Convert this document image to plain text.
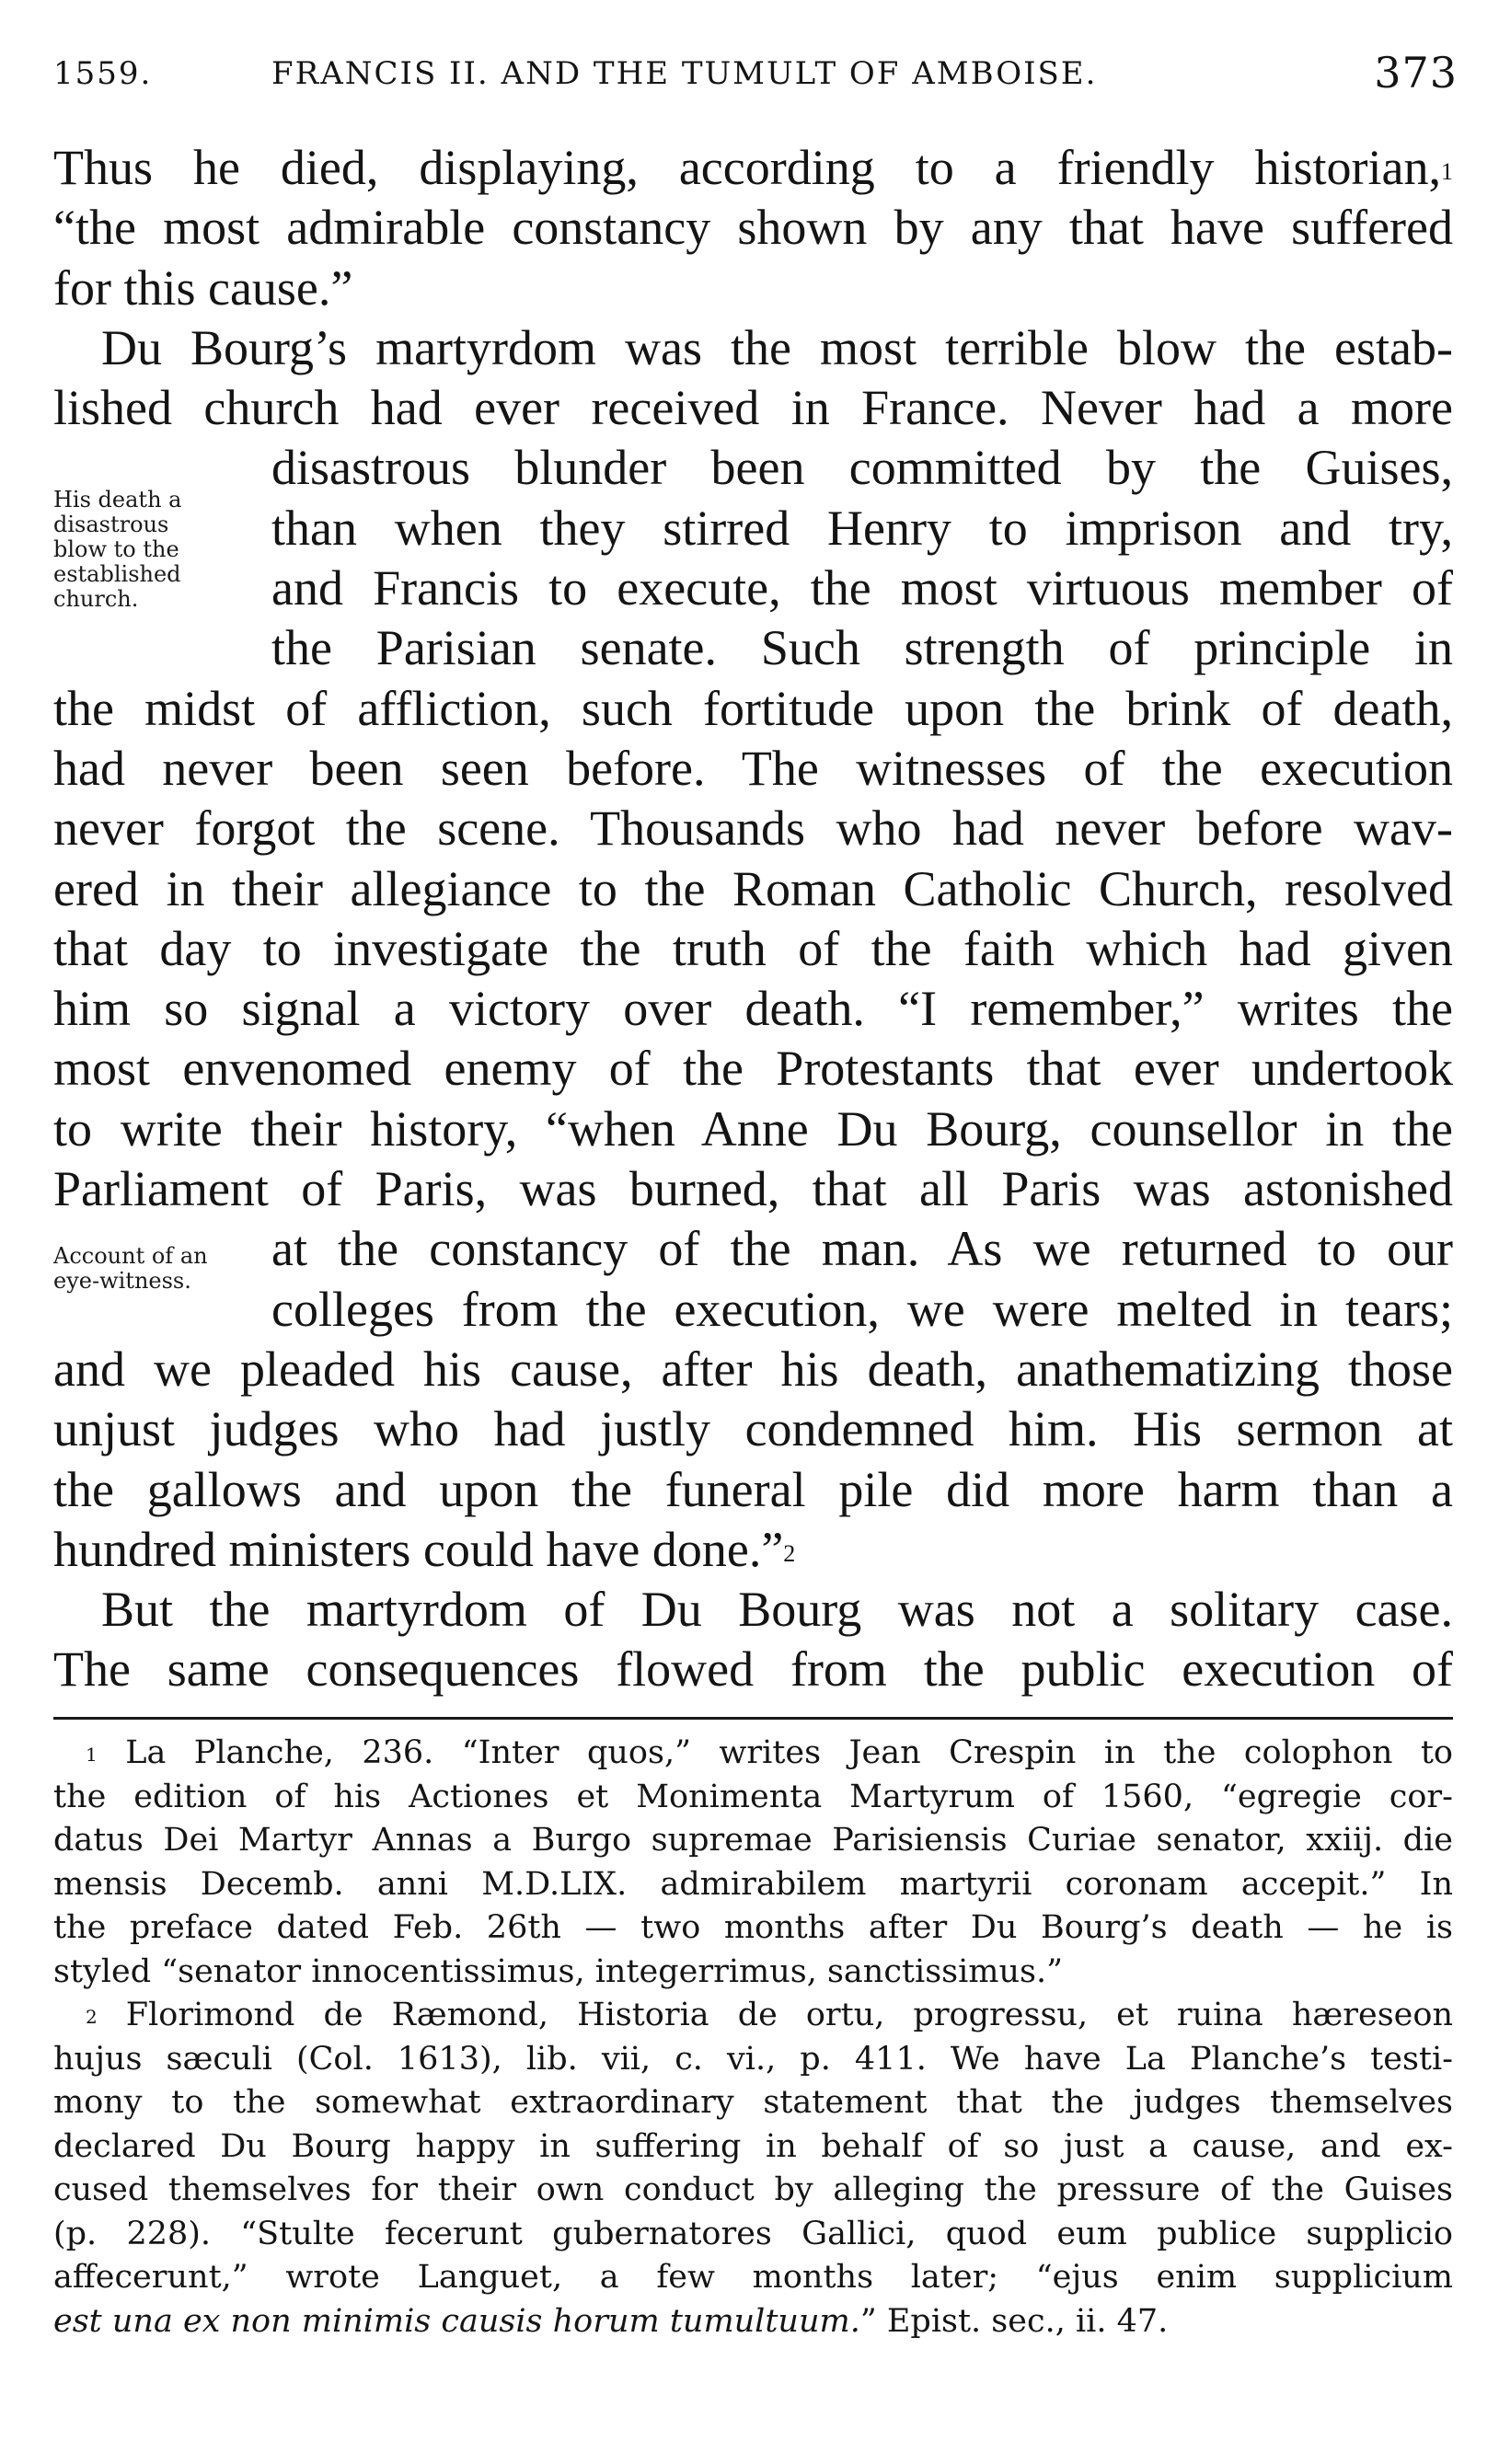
1559.	FRANCIS II. AND THE TUMULT OF AMBOISE.	373
Thus he died, displaying, according to a friendly historian,$^1$
“the most admirable constancy shown by any that have suffered
for this cause.”
Du Bourg’s martyrdom was the most terrible blow the estab-
lished church had ever received in France. Never had a more
disastrous blunder been committed by the Guises,
than when they stirred Henry to imprison and try,
and Francis to execute, the most virtuous member of
the Parisian senate. Such strength of principle in
the midst of affliction, such fortitude upon the brink of death,
had never been seen before. The witnesses of the execution
never forgot the scene. Thousands who had never before wav-
ered in their allegiance to the Roman Catholic Church, resolved
that day to investigate the truth of the faith which had given
him so signal a victory over death. “I remember,” writes the
most envenomed enemy of the Protestants that ever undertook
to write their history, “when Anne Du Bourg, counsellor in the
Parliament of Paris, was burned, that all Paris was astonished
at the constancy of the man. As we returned to our
colleges from the execution, we were melted in tears;
and we pleaded his cause, after his death, anathematizing those
unjust judges who had justly condemned him. His sermon at
the gallows and upon the funeral pile did more harm than a
hundred ministers could have done.”$^2$
But the martyrdom of Du Bourg was not a solitary case.
The same consequences flowed from the public execution of
His death a
disastrous
blow to the
established
church.
Account of an
eye-witness.
$^1$ La Planche, 236. “Inter quos,” writes Jean Crespin in the colophon to
the edition of his Actiones et Monimenta Martyrum of 1560, “egregie cor-
datus Dei Martyr Annas a Burgo supremae Parisiensis Curiae senator, xxiij. die
mensis Decemb. anni M.D.LIX. admirabilem martyrii coronam accepit.” In
the preface dated Feb. 26th — two months after Du Bourg’s death — he is
styled “senator innocentissimus, integerrimus, sanctissimus.”
$^2$ Florimond de Ræmond, Historia de ortu, progressu, et ruina hæreseon
hujus sæculi (Col. 1613), lib. vii, c. vi., p. 411. We have La Planche’s testi-
mony to the somewhat extraordinary statement that the judges themselves
declared Du Bourg happy in suffering in behalf of so just a cause, and ex-
cused themselves for their own conduct by alleging the pressure of the Guises
(p. 228). “Stulte fecerunt gubernatores Gallici, quod eum publice supplicio
affecerunt,” wrote Languet, a few months later; “ejus enim supplicium
est una ex non minimis causis horum tumultuum.” Epist. sec., ii. 47.
